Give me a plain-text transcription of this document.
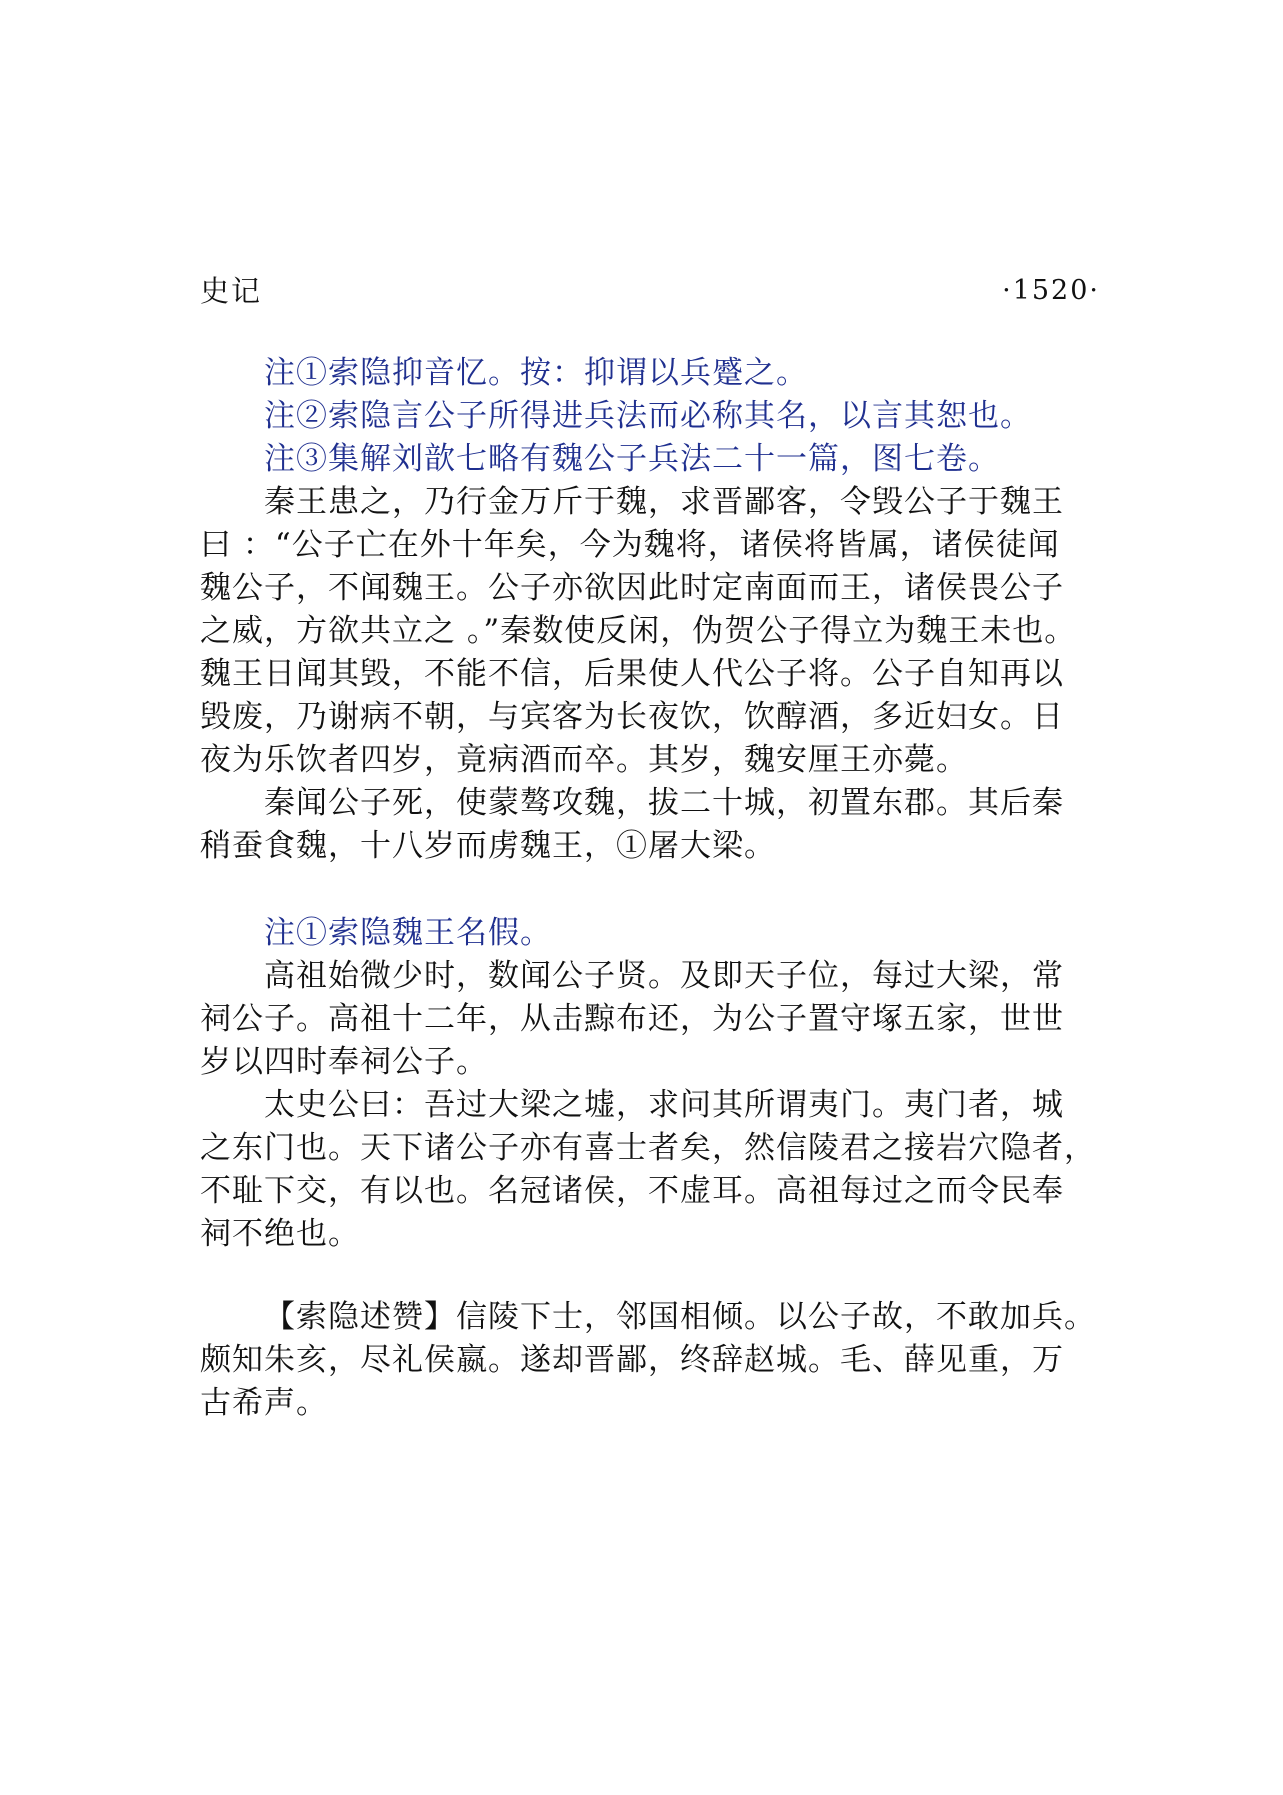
史记	·1520·
注①索隐抑音忆。按：抑谓以兵蹙之。
注②索隐言公子所得进兵法而必称其名，以言其恕也。
注③集解刘歆七略有魏公子兵法二十一篇，图七卷。
秦王患之，乃行金万斤于魏，求晋鄙客，令毁公子于魏王
曰 ：“公子亡在外十年矣，今为魏将，诸侯将皆属，诸侯徒闻
魏公子，不闻魏王。公子亦欲因此时定南面而王，诸侯畏公子
之威，方欲共立之 。”秦数使反闲，伪贺公子得立为魏王未也。
魏王日闻其毁，不能不信，后果使人代公子将。公子自知再以
毁废，乃谢病不朝，与宾客为长夜饮，饮醇酒，多近妇女。日
夜为乐饮者四岁，竟病酒而卒。其岁，魏安厘王亦薨。
秦闻公子死，使蒙骜攻魏，拔二十城，初置东郡。其后秦
稍蚕食魏，十八岁而虏魏王，①屠大梁。
注①索隐魏王名假。
高祖始微少时，数闻公子贤。及即天子位，每过大梁，常
祠公子。高祖十二年，从击黥布还，为公子置守塚五家，世世
岁以四时奉祠公子。
太史公曰：吾过大梁之墟，求问其所谓夷门。夷门者，城
之东门也。天下诸公子亦有喜士者矣，然信陵君之接岩穴隐者，
不耻下交，有以也。名冠诸侯，不虚耳。高祖每过之而令民奉
祠不绝也。
【索隐述赞】信陵下士，邻国相倾。以公子故，不敢加兵。
颇知朱亥，尽礼侯嬴。遂却晋鄙，终辞赵城。毛、薛见重，万
古希声。
